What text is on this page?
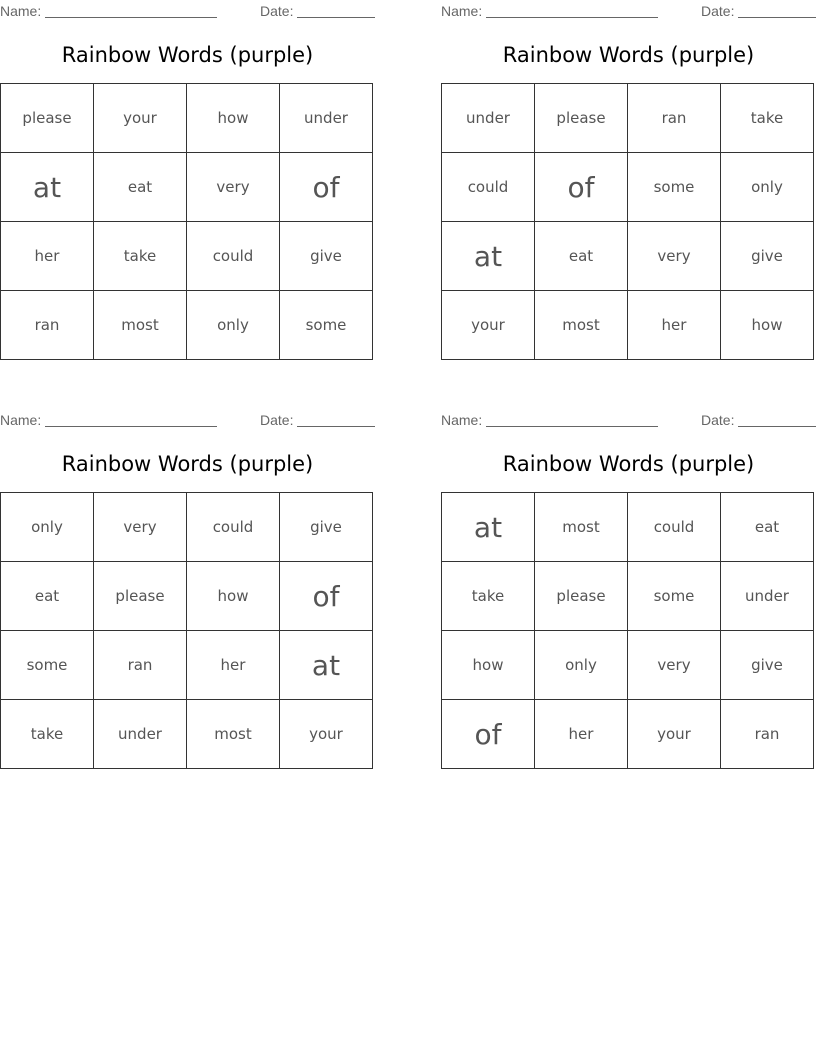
Name:	Date:
Rainbow Words (purple)
please	your	how	under
at	eat	very	of
her	take	could	give
ran	most	only	some
Name:	Date:
Rainbow Words (purple)
under	please	ran	take
could	of	some	only
at	eat	very	give
your	most	her	how
Name:	Date:
Rainbow Words (purple)
only	very	could	give
eat	please	how	of
some	ran	her	at
take	under	most	your
Name:	Date:
Rainbow Words (purple)
at	most	could	eat
take	please	some	under
how	only	very	give
of	her	your	ran
